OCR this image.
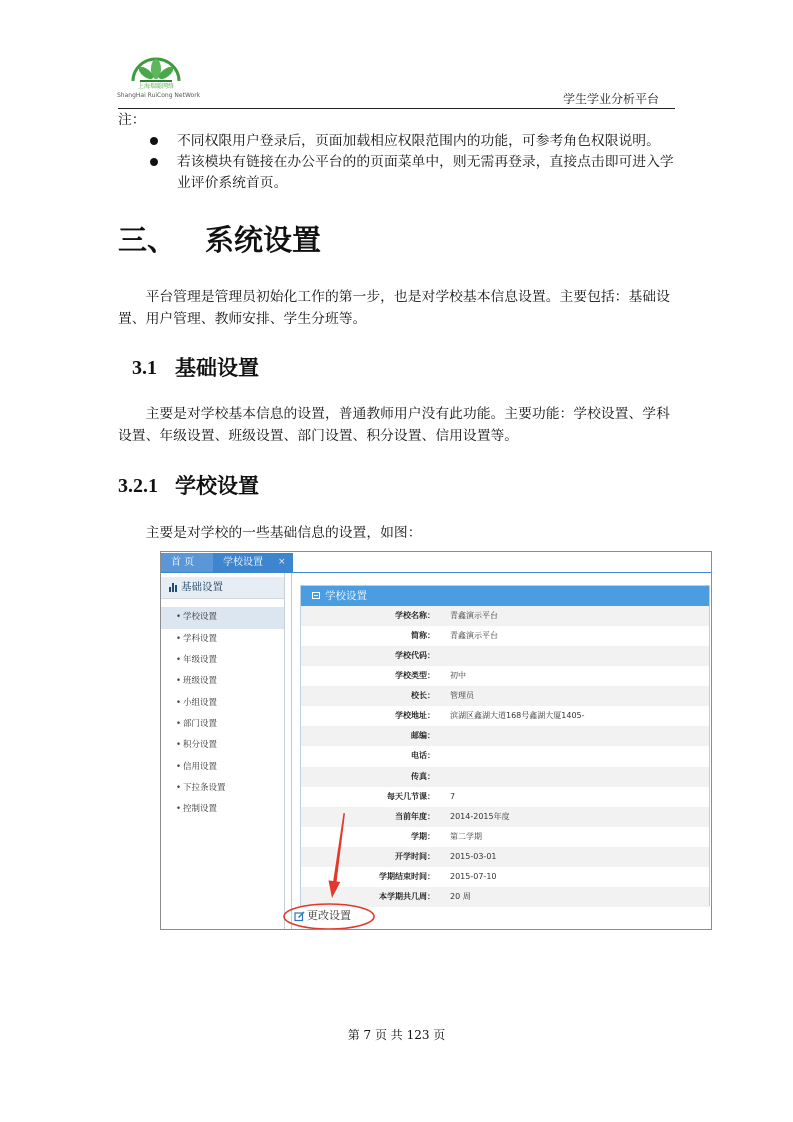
上海瑞聪网络
ShangHai RuiCong NetWork	学生学业分析平台
注：
不同权限用户登录后，页面加载相应权限范围内的功能，可参考角色权限说明。
若该模块有链接在办公平台的的页面菜单中，则无需再登录，直接点击即可进入学业评价系统首页。
三、 系统设置
平台管理是管理员初始化工作的第一步，也是对学校基本信息设置。主要包括：基础设置、用户管理、教师安排、学生分班等。
3.1 基础设置
主要是对学校基本信息的设置，普通教师用户没有此功能。主要功能：学校设置、学科设置、年级设置、班级设置、部门设置、积分设置、信用设置等。
3.2.1 学校设置
主要是对学校的一些基础信息的设置，如图：
首 页	学校设置 ×
基础设置
• 学校设置
• 学科设置
• 年级设置
• 班级设置
• 小组设置
• 部门设置
• 积分设置
• 信用设置
• 下拉条设置
• 控制设置
学校设置
学校名称： 青鑫演示平台
简称： 青鑫演示平台
学校代码：
学校类型： 初中
校长： 管理员
学校地址： 滨湖区鑫湖大道168号鑫湖大厦1405-
邮编：
电话：
传真：
每天几节课： 7
当前年度： 2014-2015年度
学期： 第二学期
开学时间： 2015-03-01
学期结束时间： 2015-07-10
本学期共几周： 20 周
更改设置
第 7 页 共 123 页
